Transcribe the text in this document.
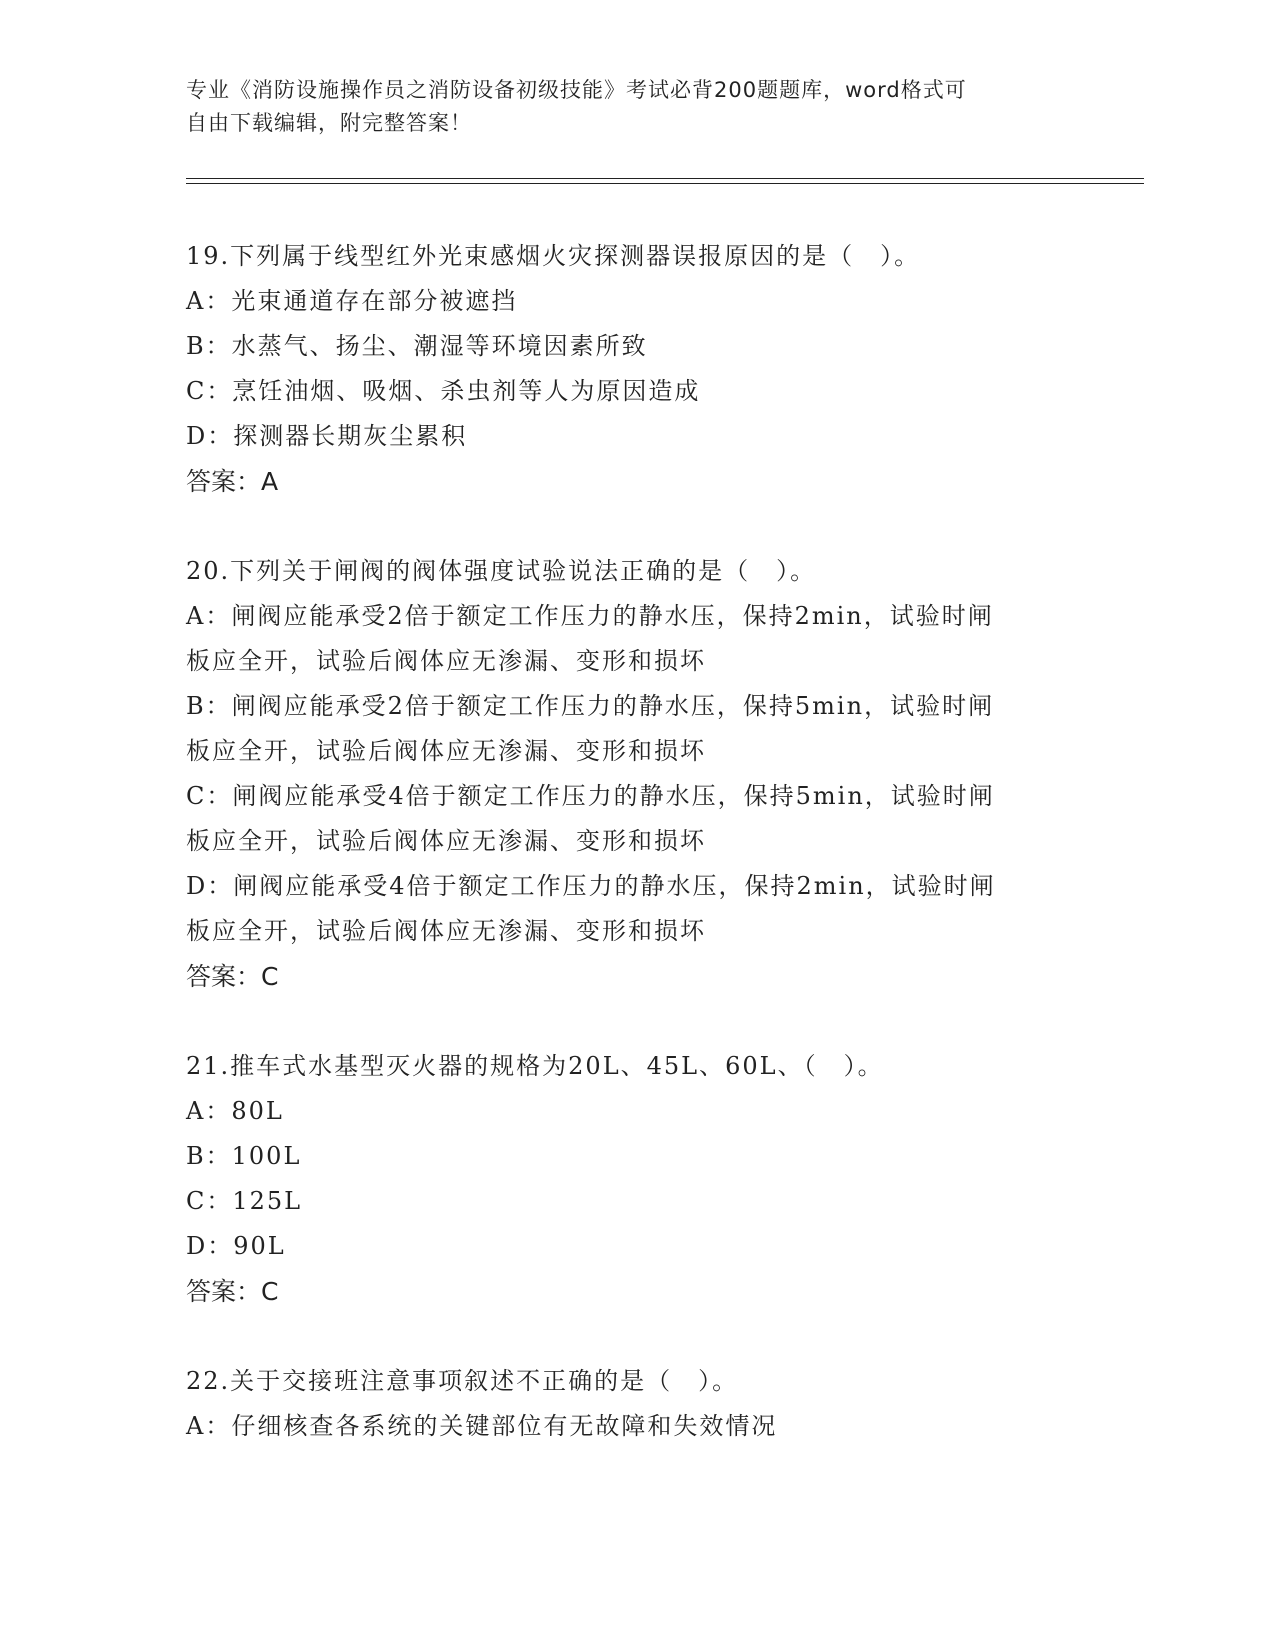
专业《消防设施操作员之消防设备初级技能》考试必背200题题库，word格式可
自由下载编辑，附完整答案！
19.下列属于线型红外光束感烟火灾探测器误报原因的是（　）。
A：光束通道存在部分被遮挡
B：水蒸气、扬尘、潮湿等环境因素所致
C：烹饪油烟、吸烟、杀虫剂等人为原因造成
D：探测器长期灰尘累积
答案：A
20.下列关于闸阀的阀体强度试验说法正确的是（　）。
A：闸阀应能承受2倍于额定工作压力的静水压，保持2min，试验时闸
板应全开，试验后阀体应无渗漏、变形和损坏
B：闸阀应能承受2倍于额定工作压力的静水压，保持5min，试验时闸
板应全开，试验后阀体应无渗漏、变形和损坏
C：闸阀应能承受4倍于额定工作压力的静水压，保持5min，试验时闸
板应全开，试验后阀体应无渗漏、变形和损坏
D：闸阀应能承受4倍于额定工作压力的静水压，保持2min，试验时闸
板应全开，试验后阀体应无渗漏、变形和损坏
答案：C
21.推车式水基型灭火器的规格为20L、45L、60L、（　）。
A：80L
B：100L
C：125L
D：90L
答案：C
22.关于交接班注意事项叙述不正确的是（　）。
A：仔细核查各系统的关键部位有无故障和失效情况
